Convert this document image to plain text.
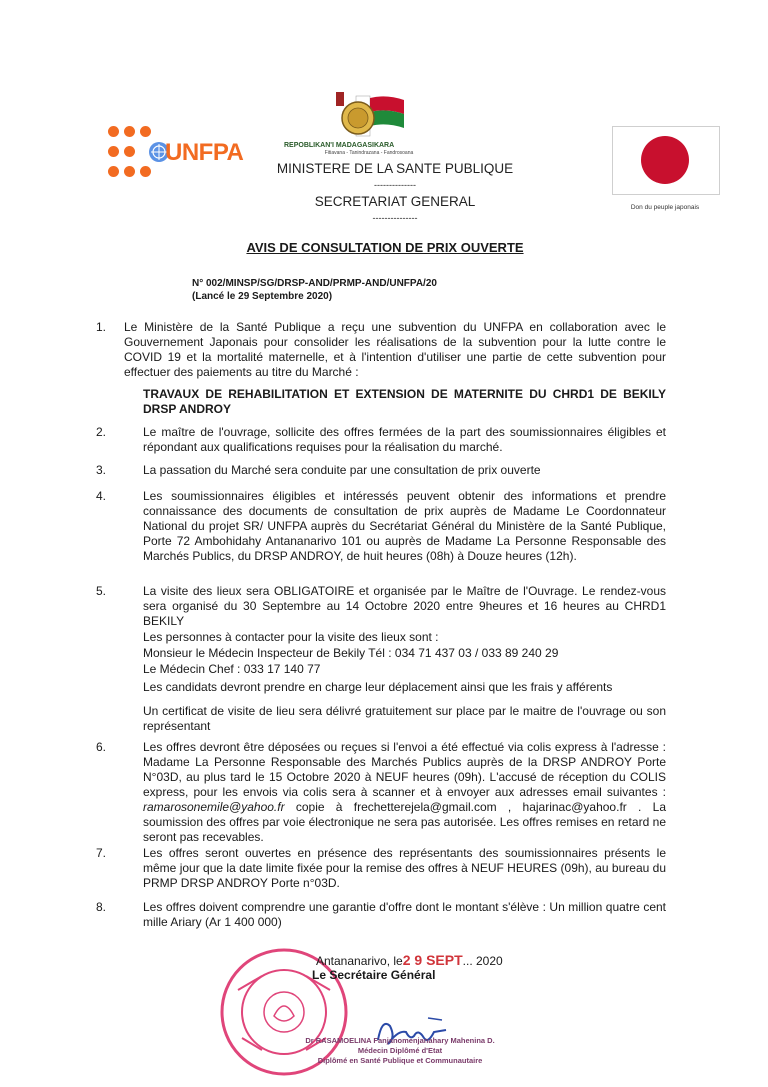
UNFPA	REPOBLIKAN'I MADAGASIKARA
Fitiavana - Tanindrazana - Fandrosoana
MINISTERE DE LA SANTE PUBLIQUE
--------------
SECRETARIAT GENERAL
---------------
Don du peuple japonais
AVIS DE CONSULTATION DE PRIX OUVERTE
N° 002/MINSP/SG/DRSP-AND/PRMP-AND/UNFPA/20
(Lancé le 29 Septembre 2020)
1. Le Ministère de la Santé Publique a reçu une subvention du UNFPA en collaboration avec le Gouvernement Japonais pour consolider les réalisations de la subvention pour la lutte contre le COVID 19 et la mortalité maternelle, et à l'intention d'utiliser une partie de cette subvention pour effectuer des paiements au titre du Marché :
TRAVAUX DE REHABILITATION ET EXTENSION DE MATERNITE DU CHRD1 DE BEKILY DRSP ANDROY
2.	Le maître de l'ouvrage, sollicite des offres fermées de la part des soumissionnaires éligibles et répondant aux qualifications requises pour la réalisation du marché.
3.	La passation du Marché sera conduite par une consultation de prix ouverte
4.	Les soumissionnaires éligibles et intéressés peuvent obtenir des informations et prendre connaissance des documents de consultation de prix auprès de Madame Le Coordonnateur National du projet SR/ UNFPA auprès du Secrétariat Général du Ministère de la Santé Publique, Porte 72 Ambohidahy Antananarivo 101 ou auprès de Madame La Personne Responsable des Marchés Publics, du DRSP ANDROY, de huit heures (08h) à Douze heures (12h).
5.	La visite des lieux sera OBLIGATOIRE et organisée par le Maître de l'Ouvrage. Le rendez-vous sera organisé du 30 Septembre au 14 Octobre 2020 entre 9heures et 16 heures au CHRD1 BEKILY
Les personnes à contacter pour la visite des lieux sont :
Monsieur le Médecin Inspecteur de Bekily Tél : 034 71 437 03 / 033 89 240 29
Le Médecin Chef : 033 17 140 77
Les candidats devront prendre en charge leur déplacement ainsi que les frais y afférents
Un certificat de visite de lieu sera délivré gratuitement sur place par le maitre de l'ouvrage ou son représentant
6.	Les offres devront être déposées ou reçues si l'envoi a été effectué via colis express à l'adresse : Madame La Personne Responsable des Marchés Publics auprès de la DRSP ANDROY Porte N°03D, au plus tard le 15 Octobre 2020 à NEUF heures (09h). L'accusé de réception du COLIS express, pour les envois via colis sera à scanner et à envoyer aux adresses email suivantes : ramarosonemile@yahoo.fr copie à frechetterejela@gmail.com , hajarinac@yahoo.fr . La soumission des offres par voie électronique ne sera pas autorisée. Les offres remises en retard ne seront pas recevables.
7.	Les offres seront ouvertes en présence des représentants des soumissionnaires présents le même jour que la date limite fixée pour la remise des offres à NEUF HEURES (09h), au bureau du PRMP DRSP ANDROY Porte n°03D.
8.	Les offres doivent comprendre une garantie d'offre dont le montant s'élève : Un million quatre cent mille Ariary (Ar 1 400 000)
Antananarivo, le2 9 SEPT... 2020
Le Secrétaire Général
Dr RASAMOELINA Fanjanomenjanahary Mahenina D.
Médecin Diplômé d'Etat
Diplômé en Santé Publique et Communautaire
